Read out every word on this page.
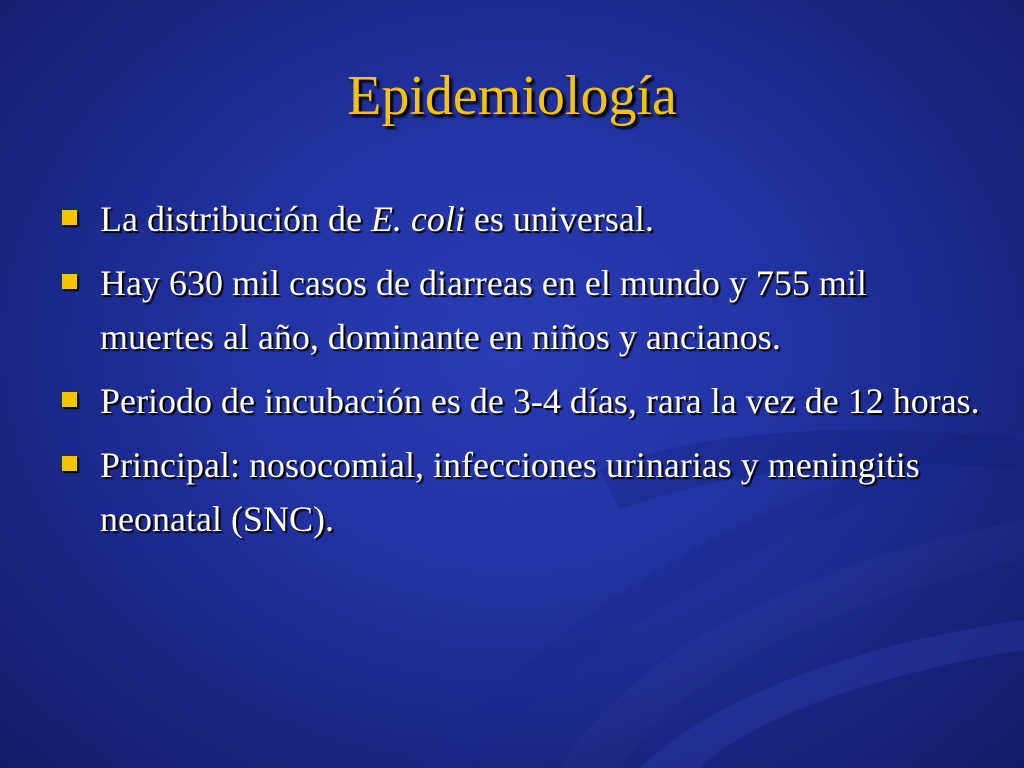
Epidemiología
La distribución de E. coli es universal.
Hay 630 mil casos de diarreas en el mundo y 755 mil muertes al año, dominante en niños y ancianos.
Periodo de incubación es de 3-4 días, rara la vez de 12 horas.
Principal: nosocomial, infecciones urinarias y meningitis neonatal (SNC).
